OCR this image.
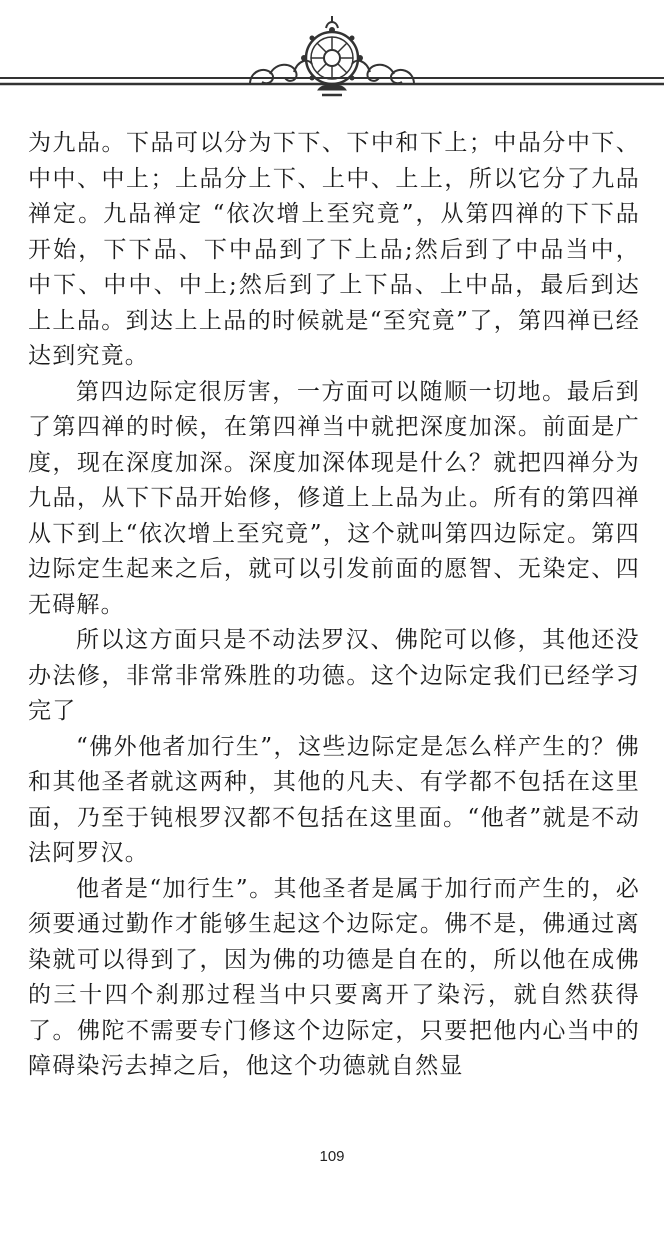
为九品。下品可以分为下下、下中和下上；中品分中下、中中、中上；上品分上下、上中、上上，所以它分了九品禅定。九品禅定 “依次增上至究竟”，从第四禅的下下品开始，下下品、下中品到了下上品;然后到了中品当中，中下、中中、中上;然后到了上下品、上中品，最后到达上上品。到达上上品的时候就是“至究竟”了，第四禅已经达到究竟。

第四边际定很厉害，一方面可以随顺一切地。最后到了第四禅的时候，在第四禅当中就把深度加深。前面是广度，现在深度加深。深度加深体现是什么？就把四禅分为九品，从下下品开始修，修道上上品为止。所有的第四禅从下到上“依次增上至究竟”，这个就叫第四边际定。第四边际定生起来之后，就可以引发前面的愿智、无染定、四无碍解。

所以这方面只是不动法罗汉、佛陀可以修，其他还没办法修，非常非常殊胜的功德。这个边际定我们已经学习完了

“佛外他者加行生”，这些边际定是怎么样产生的？佛和其他圣者就这两种，其他的凡夫、有学都不包括在这里面，乃至于钝根罗汉都不包括在这里面。“他者”就是不动法阿罗汉。

他者是“加行生”。其他圣者是属于加行而产生的，必须要通过勤作才能够生起这个边际定。佛不是，佛通过离染就可以得到了，因为佛的功德是自在的，所以他在成佛的三十四个刹那过程当中只要离开了染污，就自然获得了。佛陀不需要专门修这个边际定，只要把他内心当中的障碍染污去掉之后，他这个功德就自然显

109
